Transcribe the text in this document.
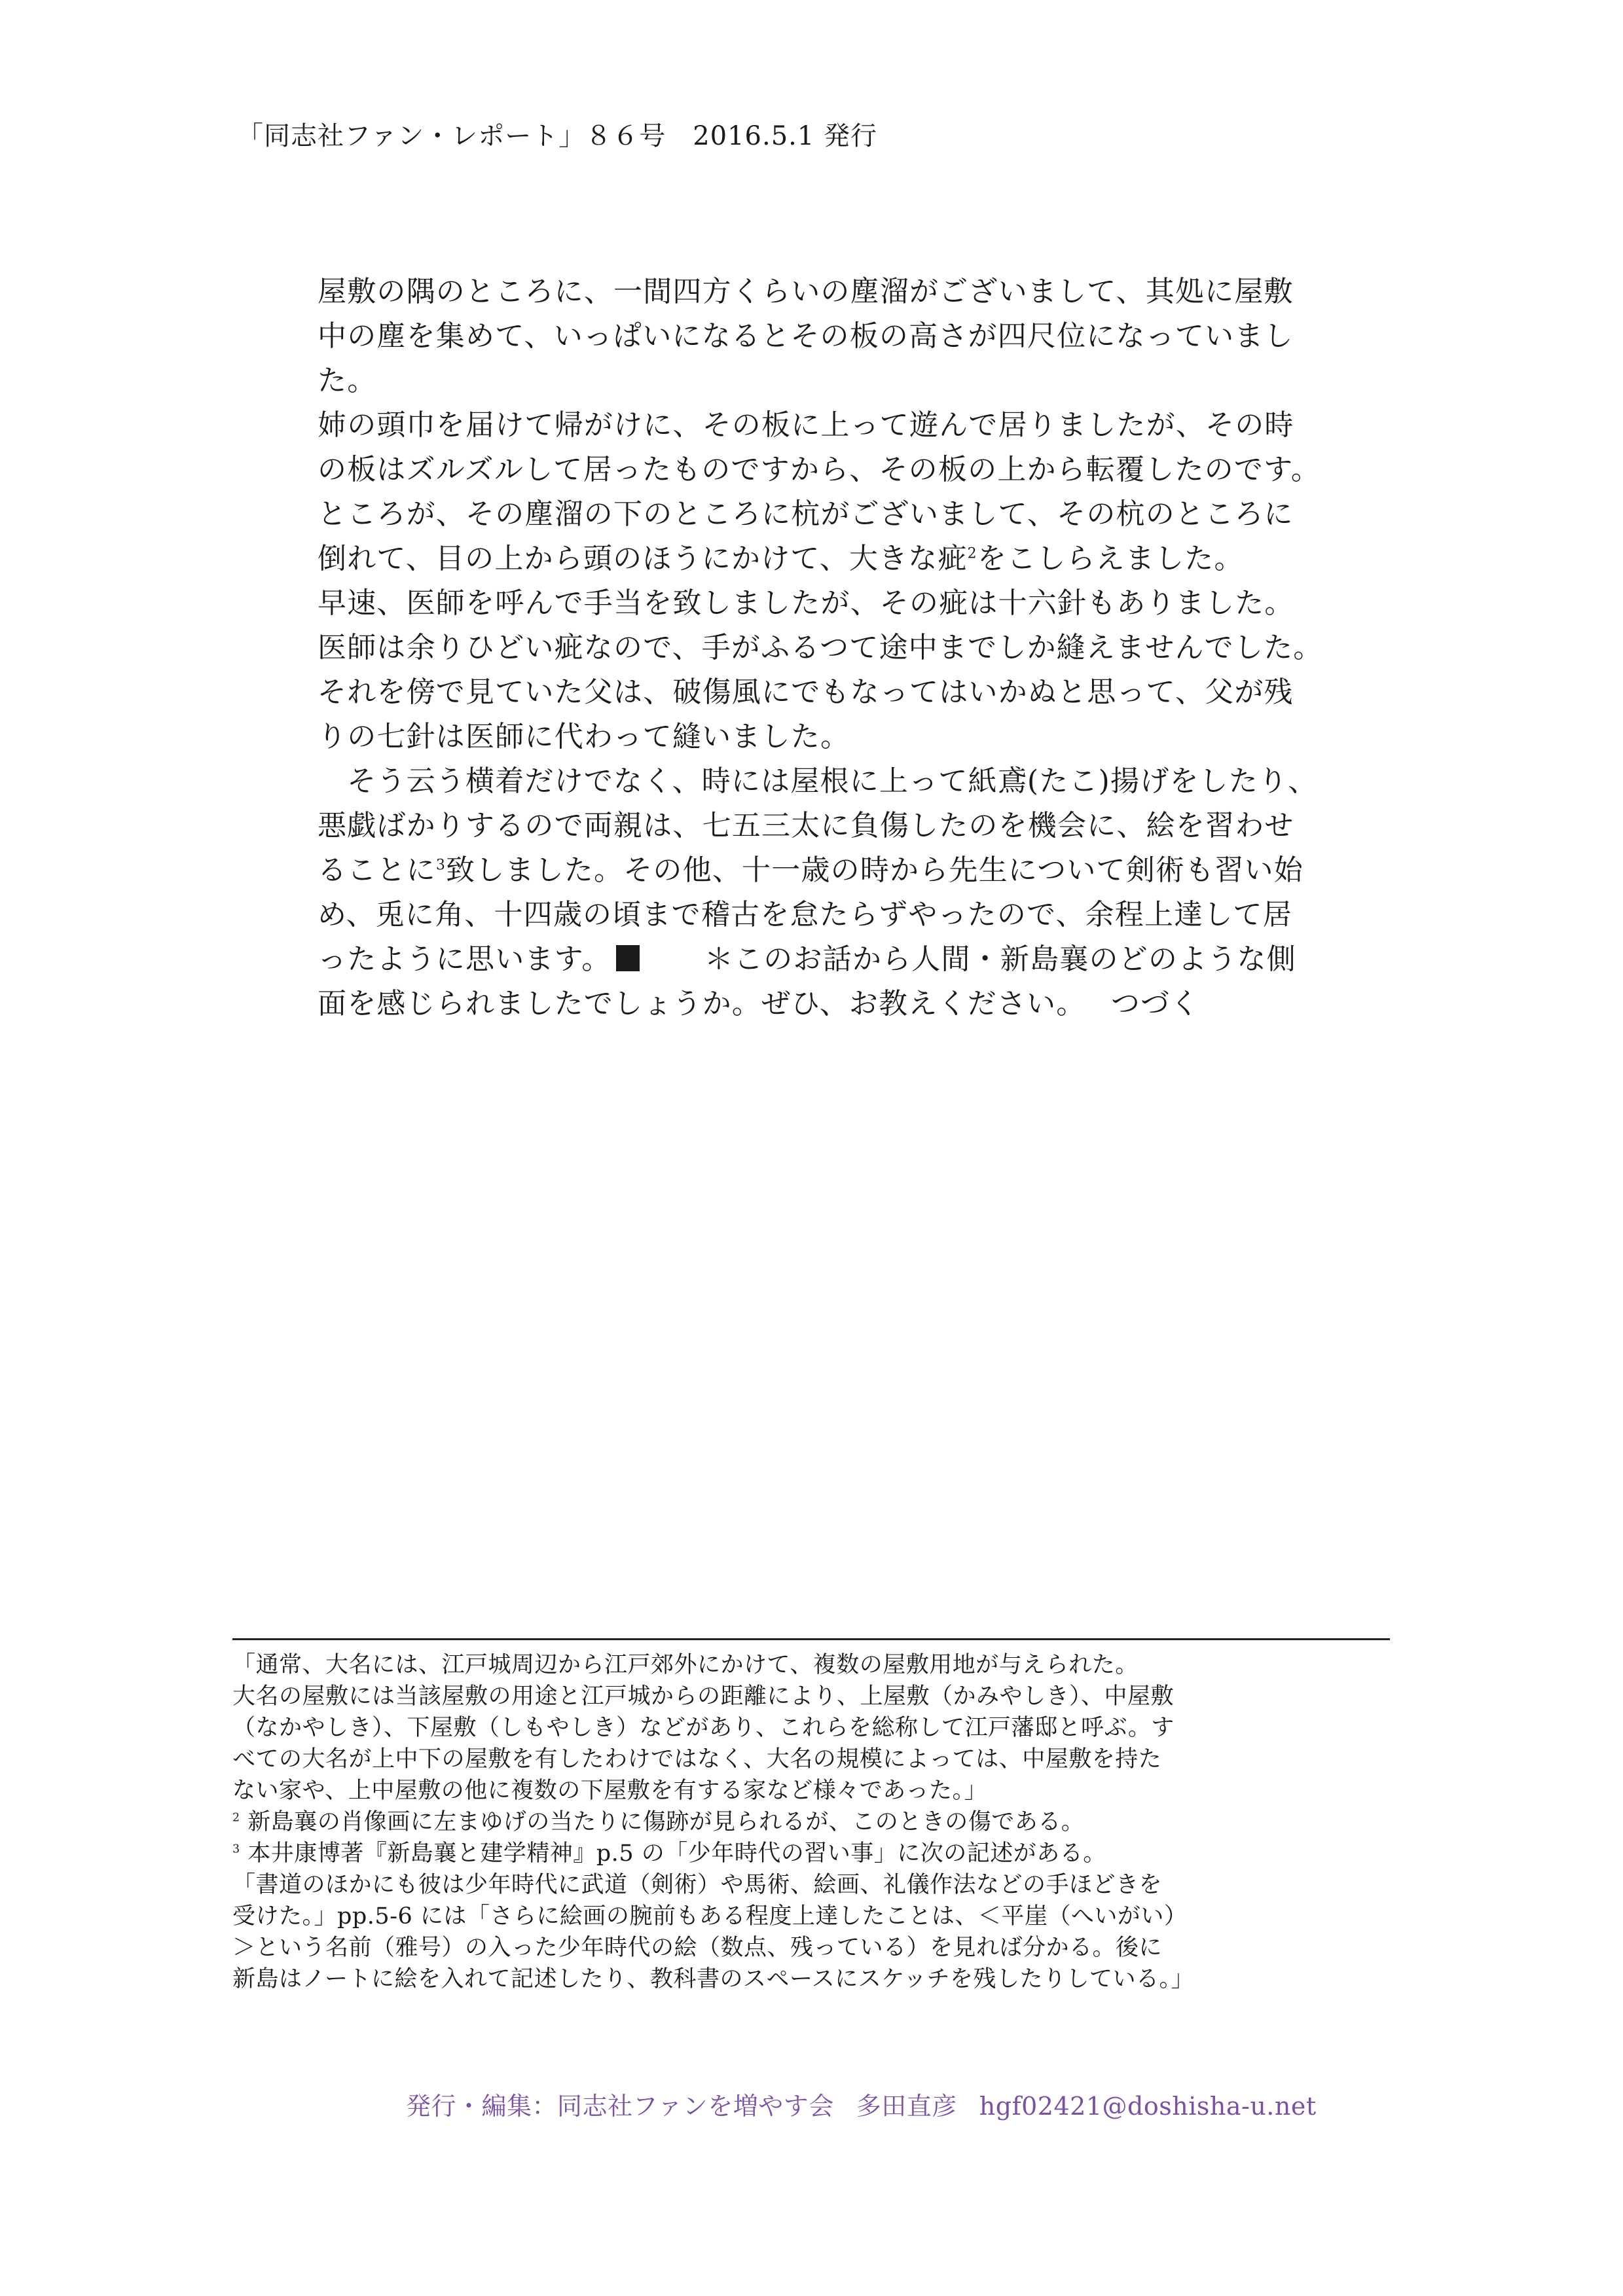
「同志社ファン・レポート」８６号　2016.5.1 発行
屋敷の隅のところに、一間四方くらいの塵溜がございまして、其処に屋敷
中の塵を集めて、いっぱいになるとその板の高さが四尺位になっていまし
た。
姉の頭巾を届けて帰がけに、その板に上って遊んで居りましたが、その時
の板はズルズルして居ったものですから、その板の上から転覆したのです。
ところが、その塵溜の下のところに杭がございまして、その杭のところに
倒れて、目の上から頭のほうにかけて、大きな疵$^2$をこしらえました。
早速、医師を呼んで手当を致しましたが、その疵は十六針もありました。
医師は余りひどい疵なので、手がふるつて途中までしか縫えませんでした。
それを傍で見ていた父は、破傷風にでもなってはいかぬと思って、父が残
りの七針は医師に代わって縫いました。
　そう云う横着だけでなく、時には屋根に上って紙鳶(たこ)揚げをしたり、
悪戯ばかりするので両親は、七五三太に負傷したのを機会に、絵を習わせ
ることに$^3$致しました。その他、十一歳の時から先生について剣術も習い始
め、兎に角、十四歳の頃まで稽古を怠たらずやったので、余程上達して居
ったように思います。　　＊このお話から人間・新島襄のどのような側
面を感じられましたでしょうか。ぜひ、お教えください。　 つづく
「通常、大名には、江戸城周辺から江戸郊外にかけて、複数の屋敷用地が与えられた。
大名の屋敷には当該屋敷の用途と江戸城からの距離により、上屋敷（かみやしき）、中屋敷
（なかやしき）、下屋敷（しもやしき）などがあり、これらを総称して江戸藩邸と呼ぶ。す
べての大名が上中下の屋敷を有したわけではなく、大名の規模によっては、中屋敷を持た
ない家や、上中屋敷の他に複数の下屋敷を有する家など様々であった。」
$^2$ 新島襄の肖像画に左まゆげの当たりに傷跡が見られるが、このときの傷である。
$^3$ 本井康博著『新島襄と建学精神』p.5 の「少年時代の習い事」に次の記述がある。
「書道のほかにも彼は少年時代に武道（剣術）や馬術、絵画、礼儀作法などの手ほどきを
受けた。」pp.5-6 には「さらに絵画の腕前もある程度上達したことは、＜平崖（へいがい）
＞という名前（雅号）の入った少年時代の絵（数点、残っている）を見れば分かる。後に
新島はノートに絵を入れて記述したり、教科書のスペースにスケッチを残したりしている。」
発行・編集：同志社ファンを増やす会 多田直彦 hgf02421@doshisha-u.net
